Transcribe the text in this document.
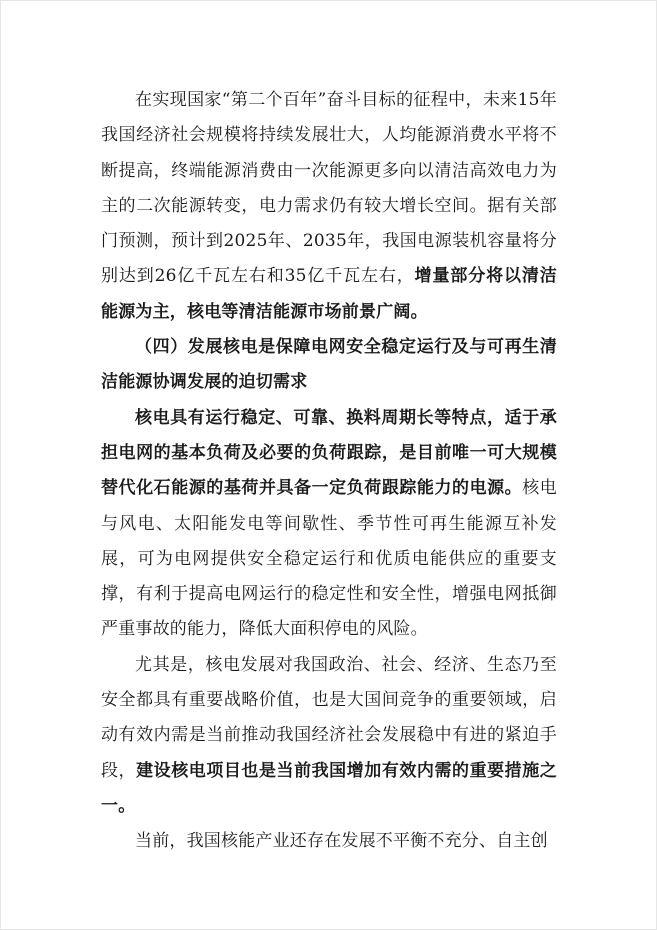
在实现国家“第二个百年”奋斗目标的征程中，未来15年我国经济社会规模将持续发展壮大，人均能源消费水平将不断提高，终端能源消费由一次能源更多向以清洁高效电力为主的二次能源转变，电力需求仍有较大增长空间。据有关部门预测，预计到2025年、2035年，我国电源装机容量将分别达到26亿千瓦左右和35亿千瓦左右，增量部分将以清洁能源为主，核电等清洁能源市场前景广阔。

（四）发展核电是保障电网安全稳定运行及与可再生清洁能源协调发展的迫切需求

核电具有运行稳定、可靠、换料周期长等特点，适于承担电网的基本负荷及必要的负荷跟踪，是目前唯一可大规模替代化石能源的基荷并具备一定负荷跟踪能力的电源。核电与风电、太阳能发电等间歇性、季节性可再生能源互补发展，可为电网提供安全稳定运行和优质电能供应的重要支撑，有利于提高电网运行的稳定性和安全性，增强电网抵御严重事故的能力，降低大面积停电的风险。

尤其是，核电发展对我国政治、社会、经济、生态乃至安全都具有重要战略价值，也是大国间竞争的重要领域，启动有效内需是当前推动我国经济社会发展稳中有进的紧迫手段，建设核电项目也是当前我国增加有效内需的重要措施之一。

当前，我国核能产业还存在发展不平衡不充分、自主创
